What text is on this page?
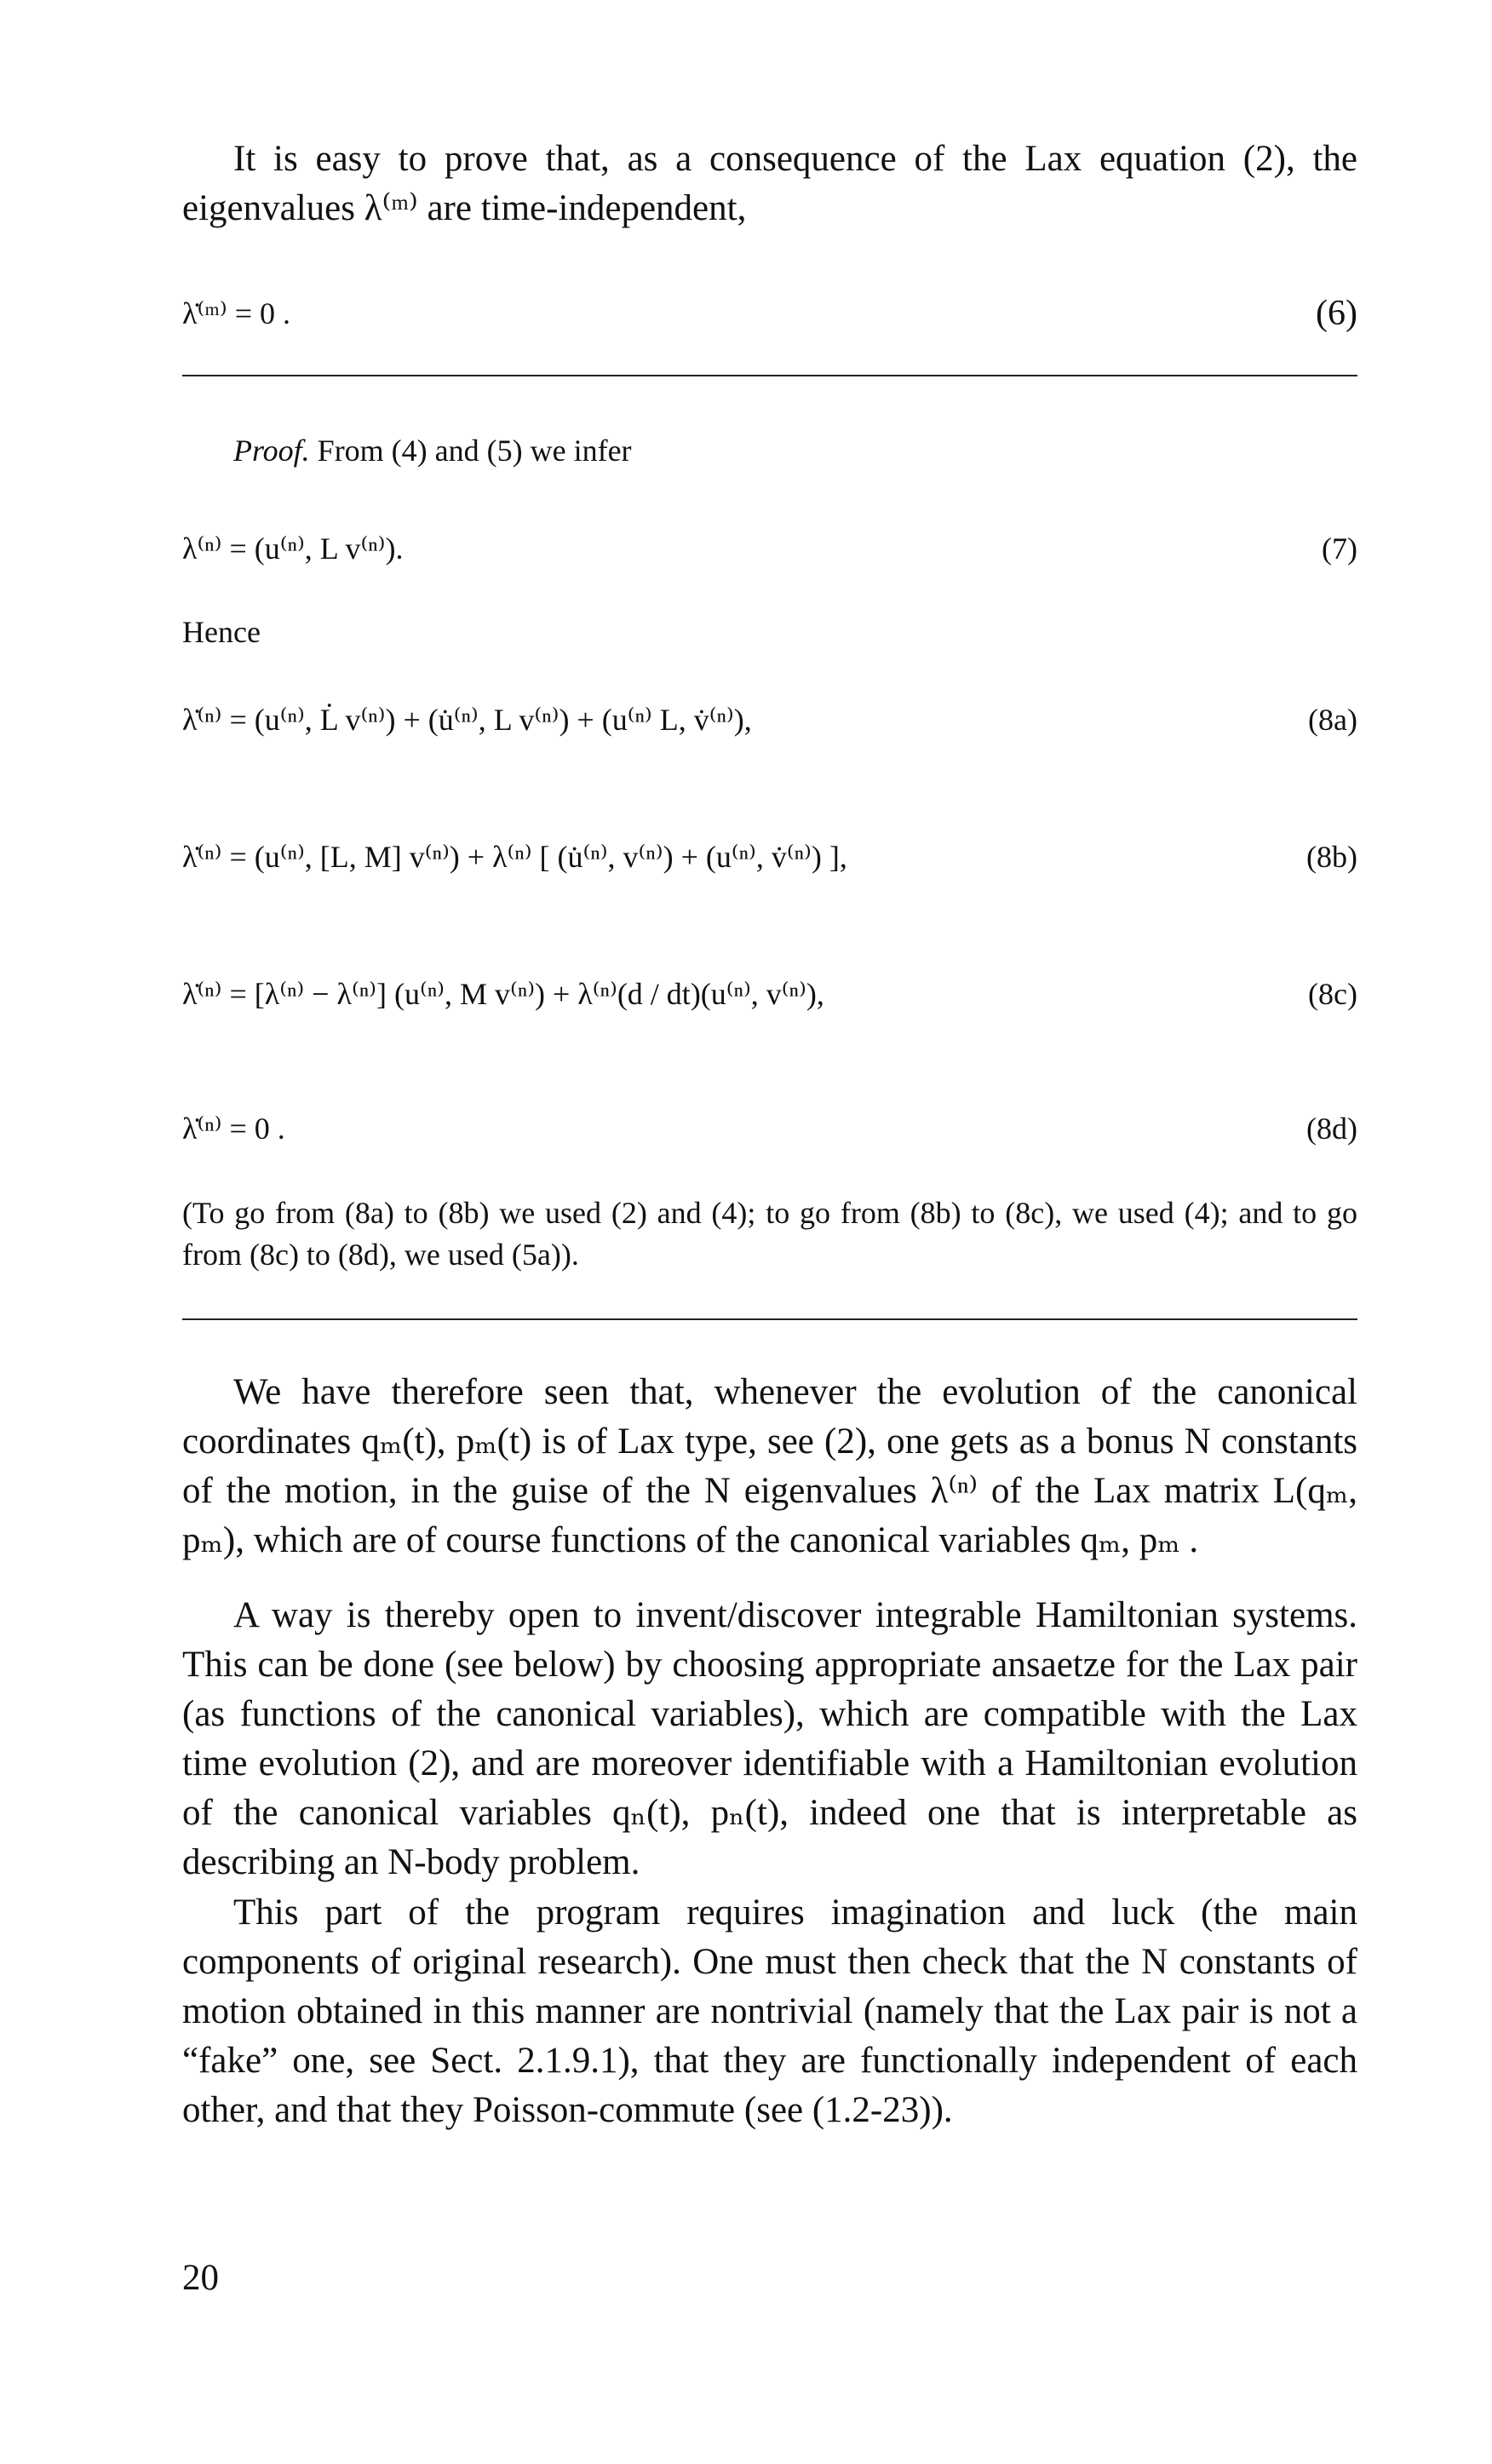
It is easy to prove that, as a consequence of the Lax equation (2), the eigenvalues λ⁽ᵐ⁾ are time-independent,
λ̇⁽ᵐ⁾ = 0 .	(6)
Proof. From (4) and (5) we infer
λ⁽ⁿ⁾ = (u⁽ⁿ⁾, L v⁽ⁿ⁾).	(7)
Hence
λ̇⁽ⁿ⁾ = (u⁽ⁿ⁾, L̇ v⁽ⁿ⁾) + (u̇⁽ⁿ⁾, L v⁽ⁿ⁾) + (u⁽ⁿ⁾ L, v̇⁽ⁿ⁾),	(8a)
λ̇⁽ⁿ⁾ = (u⁽ⁿ⁾, [L, M] v⁽ⁿ⁾) + λ⁽ⁿ⁾ [ (u̇⁽ⁿ⁾, v⁽ⁿ⁾) + (u⁽ⁿ⁾, v̇⁽ⁿ⁾) ],	(8b)
λ̇⁽ⁿ⁾ = [λ⁽ⁿ⁾ − λ⁽ⁿ⁾] (u⁽ⁿ⁾, M v⁽ⁿ⁾) + λ⁽ⁿ⁾(d / dt)(u⁽ⁿ⁾, v⁽ⁿ⁾),	(8c)
λ̇⁽ⁿ⁾ = 0 .	(8d)
(To go from (8a) to (8b) we used (2) and (4); to go from (8b) to (8c), we used (4); and to go from (8c) to (8d), we used (5a)).
We have therefore seen that, whenever the evolution of the canonical coordinates qₘ(t), pₘ(t) is of Lax type, see (2), one gets as a bonus N constants of the motion, in the guise of the N eigenvalues λ⁽ⁿ⁾ of the Lax matrix L(qₘ, pₘ), which are of course functions of the canonical variables qₘ, pₘ .
A way is thereby open to invent/discover integrable Hamiltonian systems. This can be done (see below) by choosing appropriate ansaetze for the Lax pair (as functions of the canonical variables), which are compatible with the Lax time evolution (2), and are moreover identifiable with a Hamiltonian evolution of the canonical variables qₙ(t), pₙ(t), indeed one that is interpretable as describing an N-body problem.
This part of the program requires imagination and luck (the main components of original research). One must then check that the N constants of motion obtained in this manner are nontrivial (namely that the Lax pair is not a “fake” one, see Sect. 2.1.9.1), that they are functionally independent of each other, and that they Poisson-commute (see (1.2-23)).
20
